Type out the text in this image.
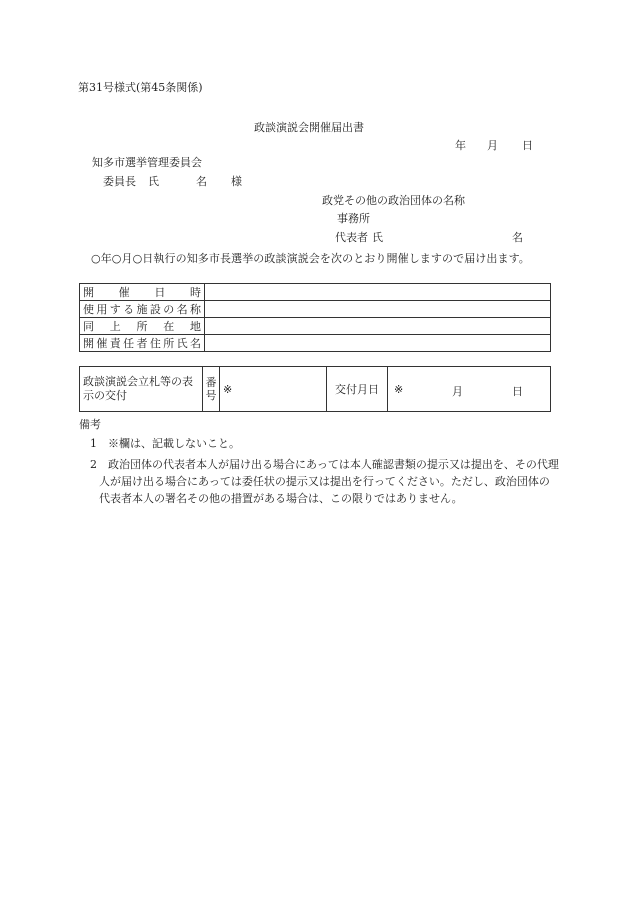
第31号様式(第45条関係)
政談演説会開催届出書
年 月 日
知多市選挙管理委員会
委員長 氏	名 様
政党その他の政治団体の名称
事務所
代表者 氏	名
○年○月○日執行の知多市長選挙の政談演説会を次のとおり開催しますので届け出ます。
開催日時	
使用する施設の名称	
同上所在地	
開催責任者住所氏名	
政談演説会立札等の表示の交付	番号	※	交付月日	※	月	日
備考
1　※欄は、記載しないこと。
2　政治団体の代表者本人が届け出る場合にあっては本人確認書類の提示又は提出を、その代理人が届け出る場合にあっては委任状の提示又は提出を行ってください。ただし、政治団体の代表者本人の署名その他の措置がある場合は、この限りではありません。
